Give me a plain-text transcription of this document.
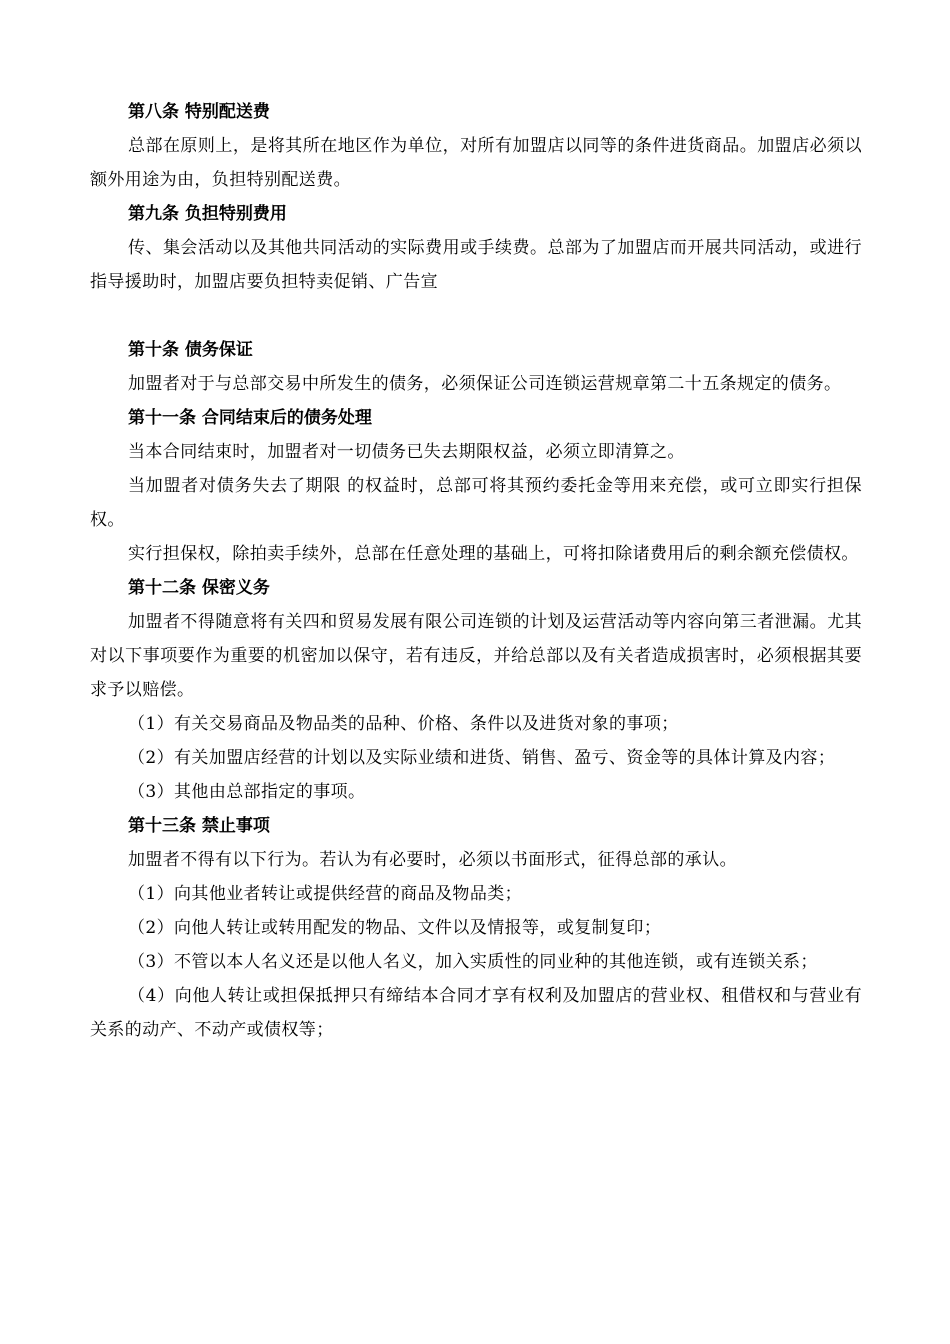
第八条 特别配送费

总部在原则上，是将其所在地区作为单位，对所有加盟店以同等的条件进货商品。加盟店必须以额外用途为由，负担特别配送费。

第九条 负担特别费用

传、集会活动以及其他共同活动的实际费用或手续费。总部为了加盟店而开展共同活动，或进行指导援助时，加盟店要负担特卖促销、广告宣

第十条 债务保证

加盟者对于与总部交易中所发生的债务，必须保证公司连锁运营规章第二十五条规定的债务。

第十一条 合同结束后的债务处理

当本合同结束时，加盟者对一切债务已失去期限权益，必须立即清算之。

当加盟者对债务失去了期限 的权益时，总部可将其预约委托金等用来充偿，或可立即实行担保权。

实行担保权，除拍卖手续外，总部在任意处理的基础上，可将扣除诸费用后的剩余额充偿债权。

第十二条 保密义务

加盟者不得随意将有关四和贸易发展有限公司连锁的计划及运营活动等内容向第三者泄漏。尤其对以下事项要作为重要的机密加以保守，若有违反，并给总部以及有关者造成损害时，必须根据其要求予以赔偿。

（1）有关交易商品及物品类的品种、价格、条件以及进货对象的事项；

（2）有关加盟店经营的计划以及实际业绩和进货、销售、盈亏、资金等的具体计算及内容；

（3）其他由总部指定的事项。

第十三条 禁止事项

加盟者不得有以下行为。若认为有必要时，必须以书面形式，征得总部的承认。

（1）向其他业者转让或提供经营的商品及物品类；

（2）向他人转让或转用配发的物品、文件以及情报等，或复制复印；

（3）不管以本人名义还是以他人名义，加入实质性的同业种的其他连锁，或有连锁关系；

（4）向他人转让或担保抵押只有缔结本合同才享有权利及加盟店的营业权、租借权和与营业有关系的动产、不动产或债权等；
